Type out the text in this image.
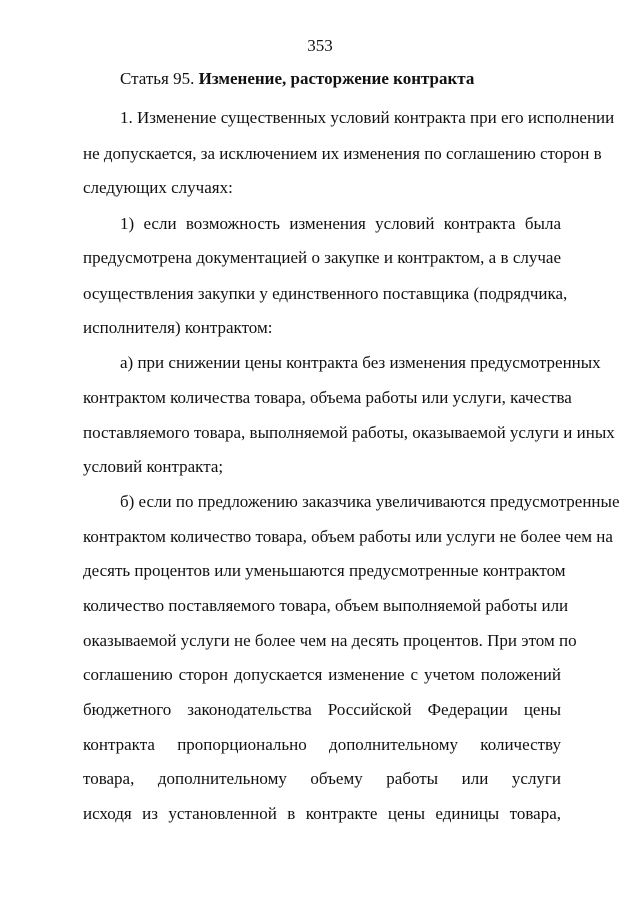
353
Статья 95. Изменение, расторжение контракта
1. Изменение существенных условий контракта при его исполнении
не допускается, за исключением их изменения по соглашению сторон в
следующих случаях:
1) если возможность изменения условий контракта была
предусмотрена документацией о закупке и контрактом, а в случае
осуществления закупки у единственного поставщика (подрядчика,
исполнителя) контрактом:
а) при снижении цены контракта без изменения предусмотренных
контрактом количества товара, объема работы или услуги, качества
поставляемого товара, выполняемой работы, оказываемой услуги и иных
условий контракта;
б) если по предложению заказчика увеличиваются предусмотренные
контрактом количество товара, объем работы или услуги не более чем на
десять процентов или уменьшаются предусмотренные контрактом
количество поставляемого товара, объем выполняемой работы или
оказываемой услуги не более чем на десять процентов. При этом по
соглашению сторон допускается изменение с учетом положений
бюджетного законодательства Российской Федерации цены
контракта пропорционально дополнительному количеству
товара, дополнительному объему работы или услуги
исходя из установленной в контракте цены единицы товара,
